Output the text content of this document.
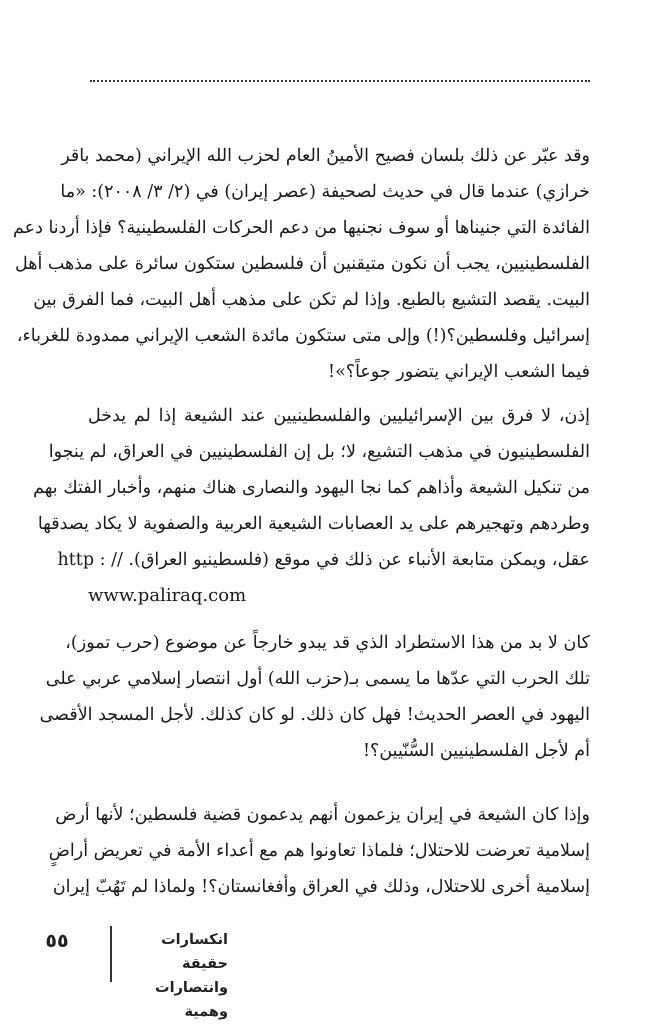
وقد عبّر عن ذلك بلسان فصيح الأمينُ العام لحزب الله الإيراني (محمد باقر
خرازي) عندما قال في حديث لصحيفة (عصر إيران) في (٢/ ٣/ ٢٠٠٨): «ما
الفائدة التي جنيناها أو سوف نجنيها من دعم الحركات الفلسطينية؟ فإذا أردنا دعم
الفلسطينيين، يجب أن نكون متيقنين أن فلسطين ستكون سائرة على مذهب أهل
البيت. يقصد التشيع بالطبع. وإذا لم تكن على مذهب أهل البيت، فما الفرق بين
إسرائيل وفلسطين؟(!) وإلى متى ستكون مائدة الشعب الإيراني ممدودة للغرباء،
فيما الشعب الإيراني يتضور جوعاً؟»!
إذن، لا فرق بين الإسرائيليين والفلسطينيين عند الشيعة إذا لم يدخل
الفلسطينيون في مذهب التشيع، لا؛ بل إن الفلسطينيين في العراق، لم ينجوا
من تنكيل الشيعة وأذاهم كما نجا اليهود والنصارى هناك منهم، وأخبار الفتك بهم
وطردهم وتهجيرهم على يد العصابات الشيعية العربية والصفوية لا يكاد يصدقها
عقل، ويمكن متابعة الأنباء عن ذلك في موقع (فلسطينيو العراق). // : http
www.paliraq.com
كان لا بد من هذا الاستطراد الذي قد يبدو خارجاً عن موضوع (حرب تموز)،
تلك الحرب التي عدّها ما يسمى بـ(حزب الله) أول انتصار إسلامي عربي على
اليهود في العصر الحديث! فهل كان ذلك. لو كان كذلك. لأجل المسجد الأقصى
أم لأجل الفلسطينيين السُّنّيين؟!
وإذا كان الشيعة في إيران يزعمون أنهم يدعمون قضية فلسطين؛ لأنها أرض
إسلامية تعرضت للاحتلال؛ فلماذا تعاونوا هم مع أعداء الأمة في تعريض أراضٍ
إسلامية أخرى للاحتلال، وذلك في العراق وأفغانستان؟! ولماذا لم تَهُبّ إيران
٥٥	انكسارات حقيقة
وانتصارات وهمية
